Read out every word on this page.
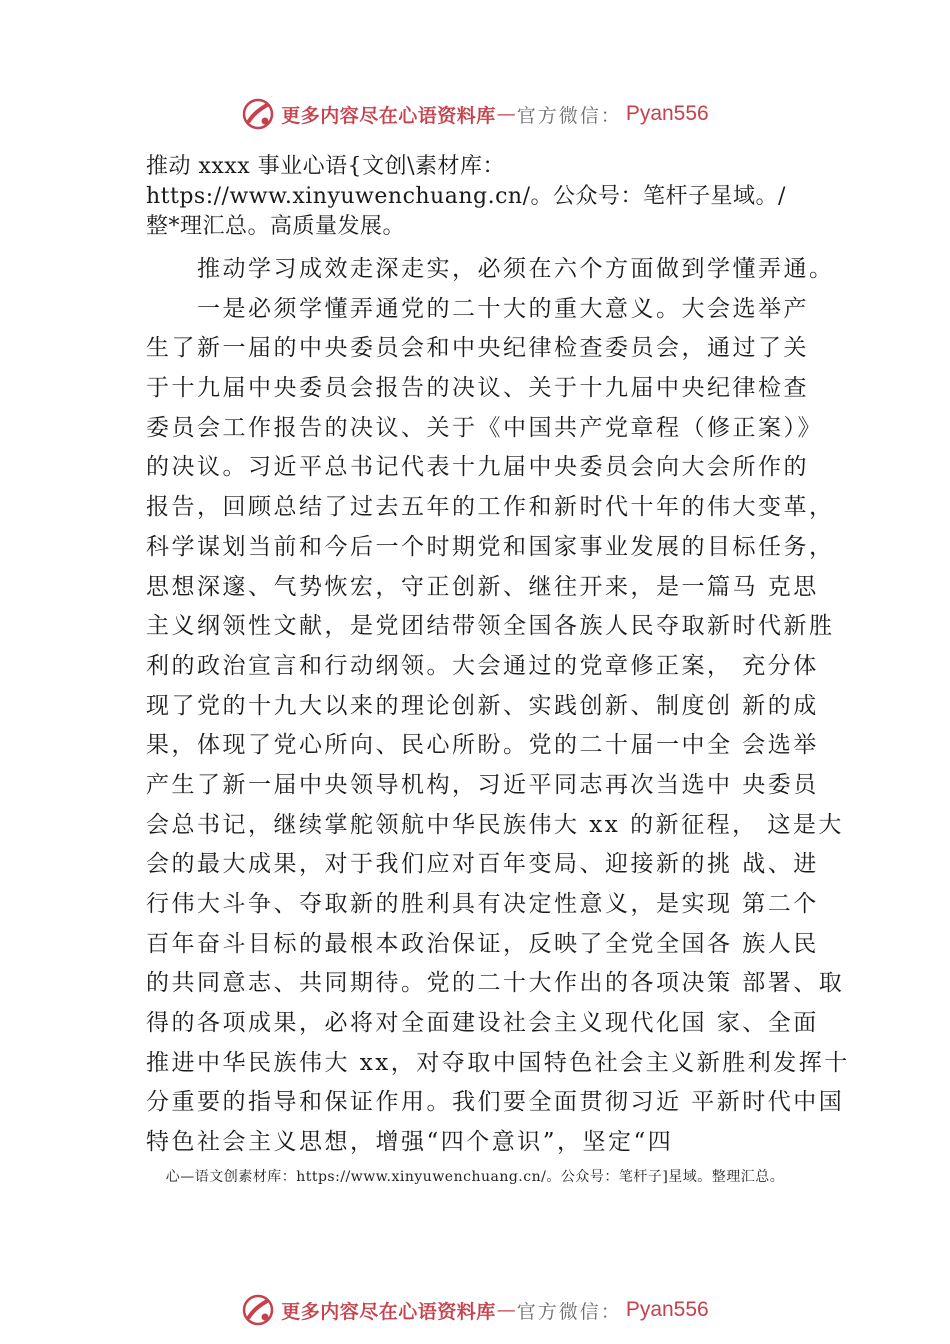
更多内容尽在心语资料库 — 官方微信： Pyan556
推动 xxxx 事业心语{文创\素材库：
https://www.xinyuwenchuang.cn/。公众号：笔杆子星域。/
整*理汇总。高质量发展。
　　推动学习成效走深走实，必须在六个方面做到学懂弄通。
　　一是必须学懂弄通党的二十大的重大意义。大会选举产
生了新一届的中央委员会和中央纪律检查委员会，通过了关
于十九届中央委员会报告的决议、关于十九届中央纪律检查
委员会工作报告的决议、关于《中国共产党章程（修正案）》
的决议。习近平总书记代表十九届中央委员会向大会所作的
报告，回顾总结了过去五年的工作和新时代十年的伟大变革，
科学谋划当前和今后一个时期党和国家事业发展的目标任务，
思想深邃、气势恢宏，守正创新、继往开来，是一篇马 克思
主义纲领性文献，是党团结带领全国各族人民夺取新时代新胜
利的政治宣言和行动纲领。大会通过的党章修正案， 充分体
现了党的十九大以来的理论创新、实践创新、制度创 新的成
果，体现了党心所向、民心所盼。党的二十届一中全 会选举
产生了新一届中央领导机构，习近平同志再次当选中 央委员
会总书记，继续掌舵领航中华民族伟大 xx 的新征程， 这是大
会的最大成果，对于我们应对百年变局、迎接新的挑 战、进
行伟大斗争、夺取新的胜利具有决定性意义，是实现 第二个
百年奋斗目标的最根本政治保证，反映了全党全国各 族人民
的共同意志、共同期待。党的二十大作出的各项决策 部署、取
得的各项成果，必将对全面建设社会主义现代化国 家、全面
推进中华民族伟大 xx，对夺取中国特色社会主义新胜利发挥十
分重要的指导和保证作用。我们要全面贯彻习近 平新时代中国
特色社会主义思想，增强“四个意识”，坚定“四
心—语文创素材库：https://www.xinyuwenchuang.cn/。公众号：笔杆子]星域。整理汇总。
更多内容尽在心语资料库 — 官方微信： Pyan556
